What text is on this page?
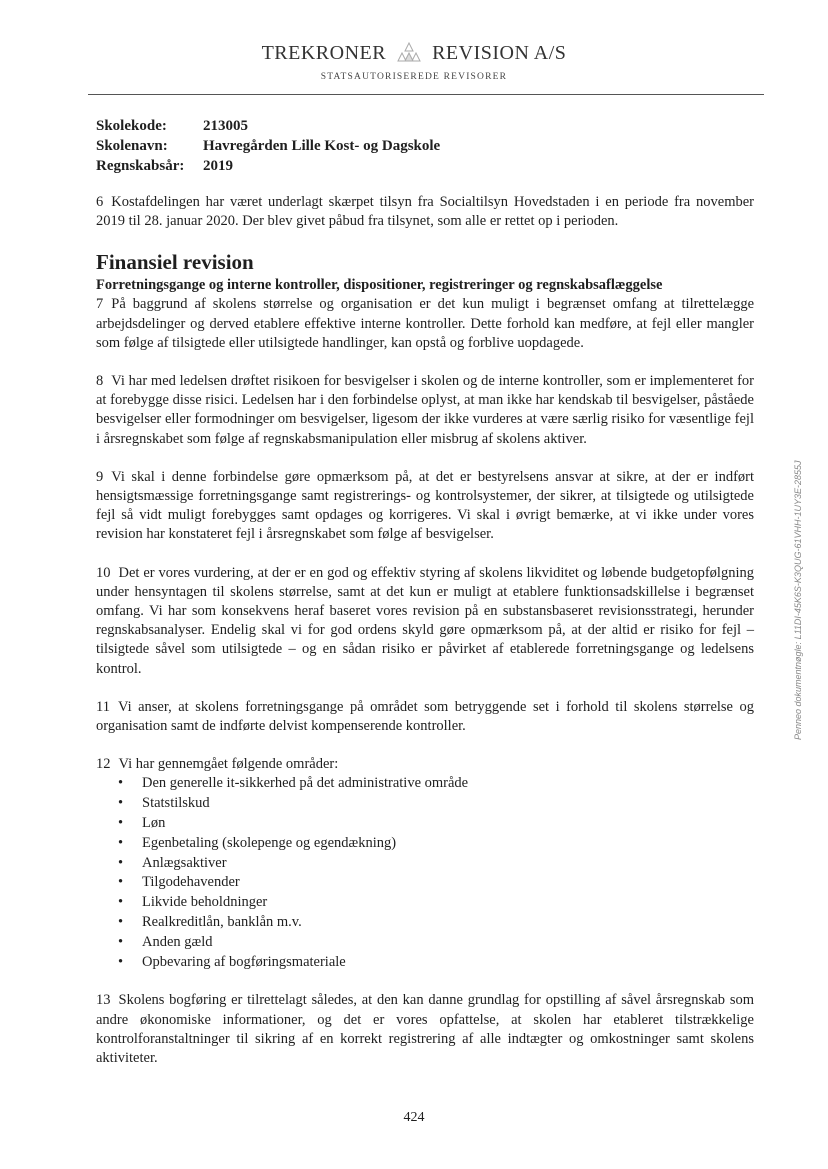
TREKRONER REVISION A/S
STATSAUTORISEREDE REVISORER
Skolekode:	213005
Skolenavn:	Havregården Lille Kost- og Dagskole
Regnskabsår:	2019

6 Kostafdelingen har været underlagt skærpet tilsyn fra Socialtilsyn Hovedstaden i en periode fra november 2019 til 28. januar 2020. Der blev givet påbud fra tilsynet, som alle er rettet op i perioden.

Finansiel revision
Forretningsgange og interne kontroller, dispositioner, registreringer og regnskabsaflæggelse

7 På baggrund af skolens størrelse og organisation er det kun muligt i begrænset omfang at tilrettelægge arbejdsdelinger og derved etablere effektive interne kontroller. Dette forhold kan medføre, at fejl eller mangler som følge af tilsigtede eller utilsigtede handlinger, kan opstå og forblive uopdagede.

8 Vi har med ledelsen drøftet risikoen for besvigelser i skolen og de interne kontroller, som er implementeret for at forebygge disse risici. Ledelsen har i den forbindelse oplyst, at man ikke har kendskab til besvigelser, påståede besvigelser eller formodninger om besvigelser, ligesom der ikke vurderes at være særlig risiko for væsentlige fejl i årsregnskabet som følge af regnskabsmanipulation eller misbrug af skolens aktiver.

9 Vi skal i denne forbindelse gøre opmærksom på, at det er bestyrelsens ansvar at sikre, at der er indført hensigtsmæssige forretningsgange samt registrerings- og kontrolsystemer, der sikrer, at tilsigtede og utilsigtede fejl så vidt muligt forebygges samt opdages og korrigeres. Vi skal i øvrigt bemærke, at vi ikke under vores revision har konstateret fejl i årsregnskabet som følge af besvigelser.

10 Det er vores vurdering, at der er en god og effektiv styring af skolens likviditet og løbende budgetopfølgning under hensyntagen til skolens størrelse, samt at det kun er muligt at etablere funktionsadskillelse i begrænset omfang. Vi har som konsekvens heraf baseret vores revision på en substansbaseret revisionsstrategi, herunder regnskabsanalyser. Endelig skal vi for god ordens skyld gøre opmærksom på, at der altid er risiko for fejl – tilsigtede såvel som utilsigtede – og en sådan risiko er påvirket af etablerede forretningsgange og ledelsens kontrol.

11 Vi anser, at skolens forretningsgange på området som betryggende set i forhold til skolens størrelse og organisation samt de indførte delvist kompenserende kontroller.

12 Vi har gennemgået følgende områder:

• Den generelle it-sikkerhed på det administrative område
• Statstilskud
• Løn
• Egenbetaling (skolepenge og egendækning)
• Anlægsaktiver
• Tilgodehavender
• Likvide beholdninger
• Realkreditlån, banklån m.v.
• Anden gæld
• Opbevaring af bogføringsmateriale

13 Skolens bogføring er tilrettelagt således, at den kan danne grundlag for opstilling af såvel årsregnskab som andre økonomiske informationer, og det er vores opfattelse, at skolen har etableret tilstrækkelige kontrolforanstaltninger til sikring af en korrekt registrering af alle indtægter og omkostninger samt skolens aktiviteter.

424
Penneo dokumentnøgle: L11DI-45K6S-K3QUG-61VHH-1UY3E-2855J
